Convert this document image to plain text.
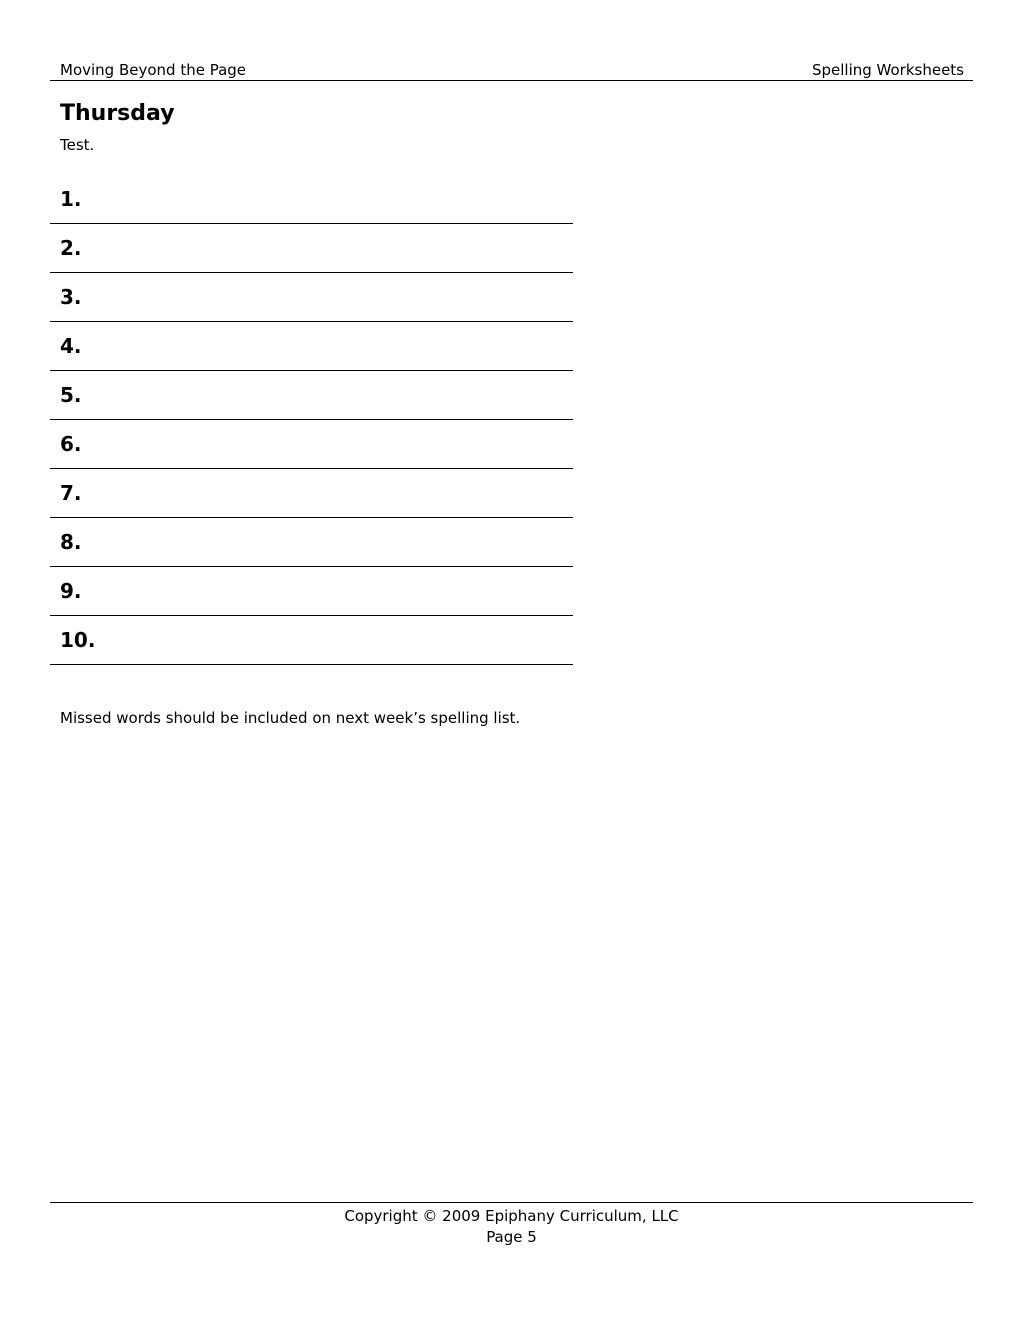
Moving Beyond the Page	Spelling Worksheets
Thursday
Test.
1.
2.
3.
4.
5.
6.
7.
8.
9.
10.
Missed words should be included on next week’s spelling list.
Copyright © 2009 Epiphany Curriculum, LLC
Page 5
